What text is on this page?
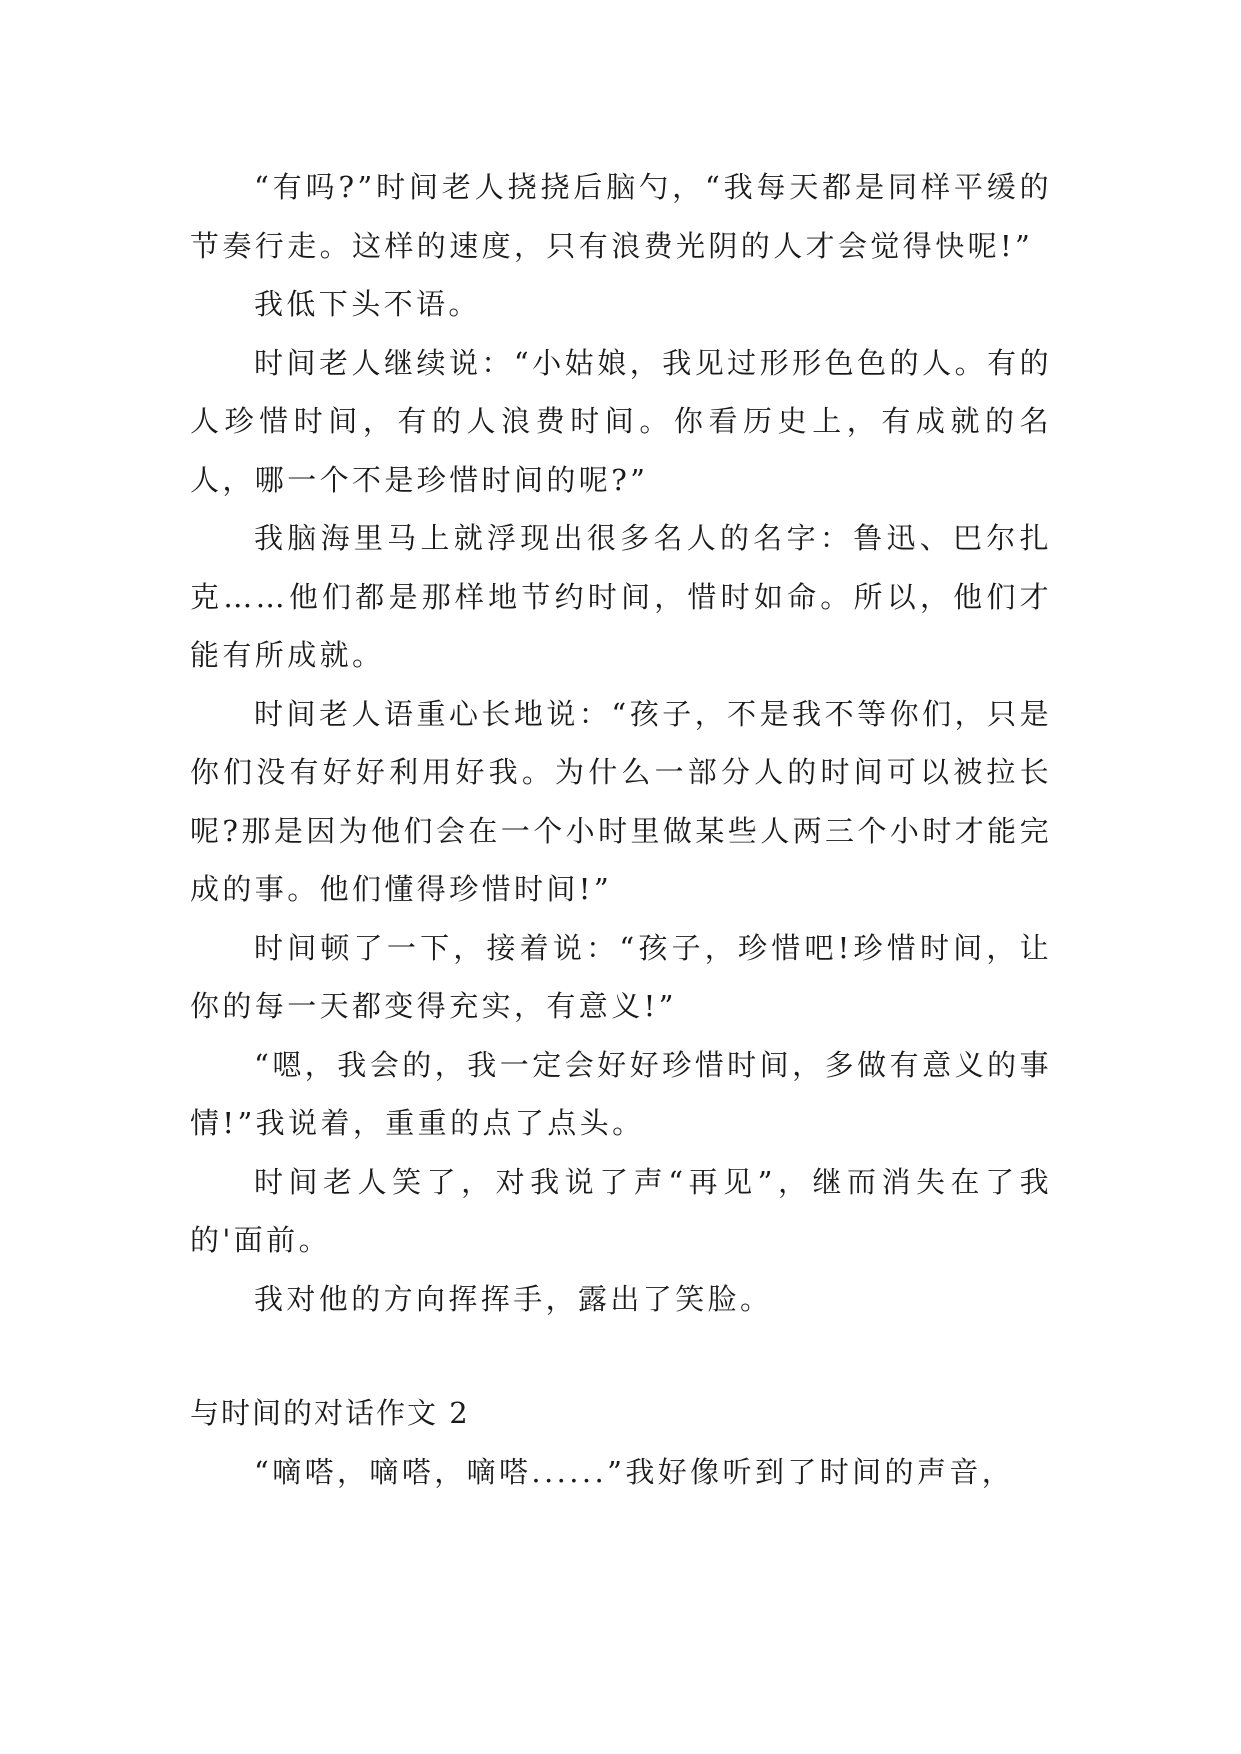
“有吗?”时间老人挠挠后脑勺，“我每天都是同样平缓的节奏行走。这样的速度，只有浪费光阴的人才会觉得快呢!”

我低下头不语。

时间老人继续说：“小姑娘，我见过形形色色的人。有的人珍惜时间，有的人浪费时间。你看历史上，有成就的名人，哪一个不是珍惜时间的呢?”

我脑海里马上就浮现出很多名人的名字：鲁迅、巴尔扎克……他们都是那样地节约时间，惜时如命。所以，他们才能有所成就。

时间老人语重心长地说：“孩子，不是我不等你们，只是你们没有好好利用好我。为什么一部分人的时间可以被拉长呢?那是因为他们会在一个小时里做某些人两三个小时才能完成的事。他们懂得珍惜时间!”

时间顿了一下，接着说：“孩子，珍惜吧!珍惜时间，让你的每一天都变得充实，有意义!”

“嗯，我会的，我一定会好好珍惜时间，多做有意义的事情!”我说着，重重的点了点头。

时间老人笑了，对我说了声“再见”，继而消失在了我的'面前。

我对他的方向挥挥手，露出了笑脸。

与时间的对话作文 2

“嘀嗒，嘀嗒，嘀嗒......”我好像听到了时间的声音，
